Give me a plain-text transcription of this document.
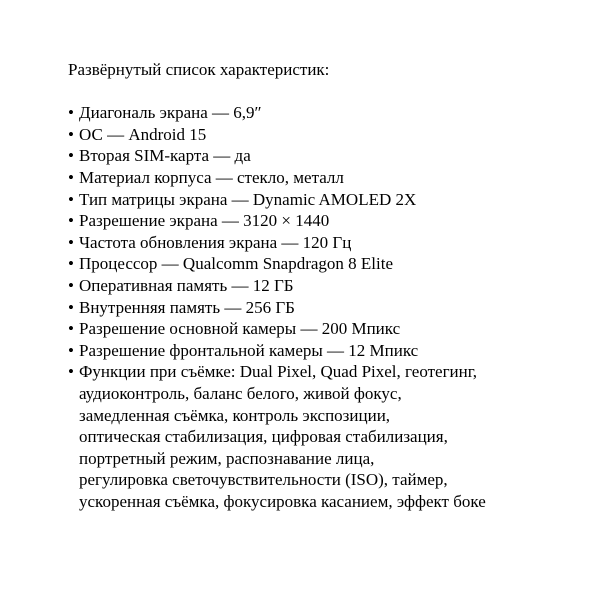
Развёрнутый список характеристик:

• Диагональ экрана — 6,9″
• ОС — Android 15
• Вторая SIM-карта — да
• Материал корпуса — стекло, металл
• Тип матрицы экрана — Dynamic AMOLED 2X
• Разрешение экрана — 3120 × 1440
• Частота обновления экрана — 120 Гц
• Процессор — Qualcomm Snapdragon 8 Elite
• Оперативная память — 12 ГБ
• Внутренняя память — 256 ГБ
• Разрешение основной камеры — 200 Мпикс
• Разрешение фронтальной камеры — 12 Мпикс
• Функции при съёмке: Dual Pixel, Quad Pixel, геотегинг,
аудиоконтроль, баланс белого, живой фокус,
замедленная съёмка, контроль экспозиции,
оптическая стабилизация, цифровая стабилизация,
портретный режим, распознавание лица,
регулировка светочувствительности (ISO), таймер,
ускоренная съёмка, фокусировка касанием, эффект боке
